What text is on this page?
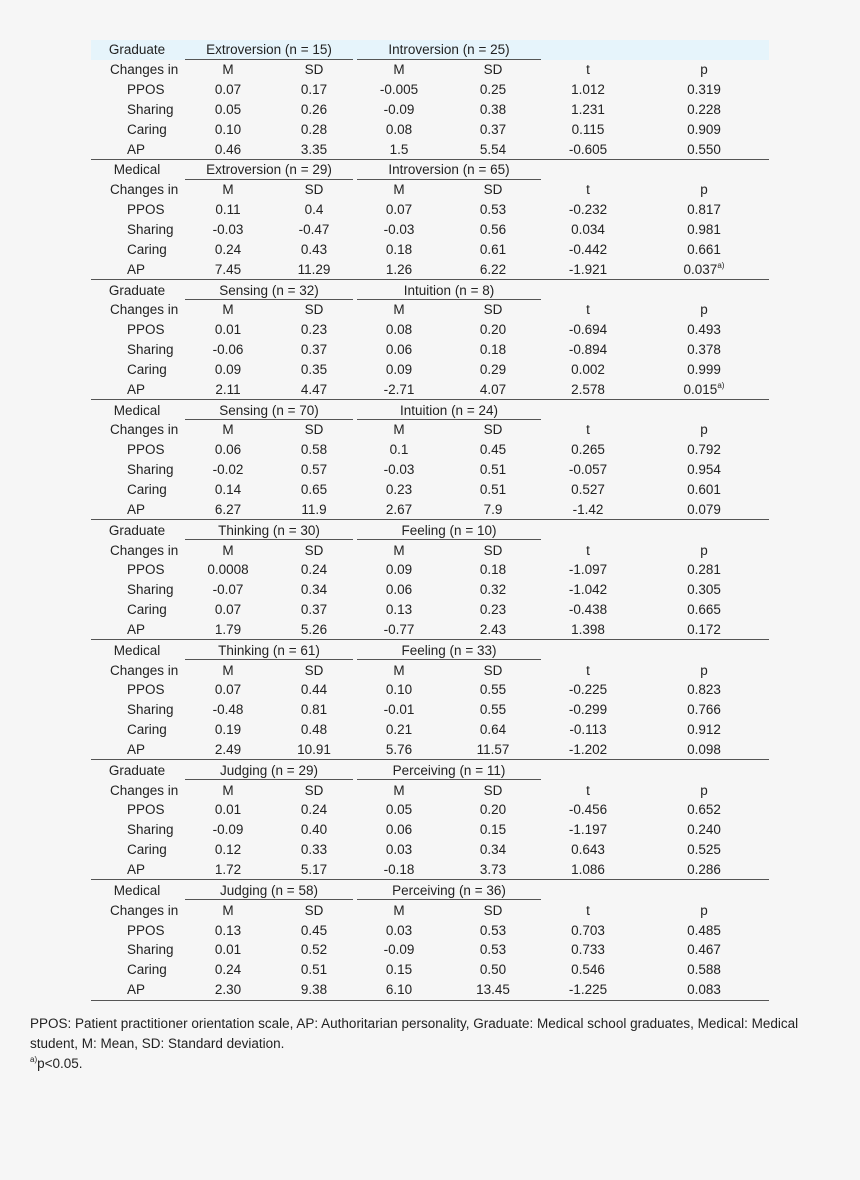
Graduate	Extroversion (n = 15)		Introversion (n = 25)		

Changes in	M	SD	M	SD	t	p
PPOS	0.07	0.17	-0.005	0.25	1.012	0.319
Sharing	0.05	0.26	-0.09	0.38	1.231	0.228
Caring	0.10	0.28	0.08	0.37	0.115	0.909
AP	0.46	3.35	1.5	5.54	-0.605	0.550
Medical	Extroversion (n = 29)		Introversion (n = 65)		

Changes in	M	SD	M	SD	t	p
PPOS	0.11	0.4	0.07	0.53	-0.232	0.817
Sharing	-0.03	-0.47	-0.03	0.56	0.034	0.981
Caring	0.24	0.43	0.18	0.61	-0.442	0.661
AP	7.45	11.29	1.26	6.22	-1.921	0.037$^{a)}$
Graduate	Sensing (n = 32)		Intuition (n = 8)		

Changes in	M	SD	M	SD	t	p
PPOS	0.01	0.23	0.08	0.20	-0.694	0.493
Sharing	-0.06	0.37	0.06	0.18	-0.894	0.378
Caring	0.09	0.35	0.09	0.29	0.002	0.999
AP	2.11	4.47	-2.71	4.07	2.578	0.015$^{a)}$
Medical	Sensing (n = 70)		Intuition (n = 24)		

Changes in	M	SD	M	SD	t	p
PPOS	0.06	0.58	0.1	0.45	0.265	0.792
Sharing	-0.02	0.57	-0.03	0.51	-0.057	0.954
Caring	0.14	0.65	0.23	0.51	0.527	0.601
AP	6.27	11.9	2.67	7.9	-1.42	0.079
Graduate	Thinking (n = 30)		Feeling (n = 10)		

Changes in	M	SD	M	SD	t	p
PPOS	0.0008	0.24	0.09	0.18	-1.097	0.281
Sharing	-0.07	0.34	0.06	0.32	-1.042	0.305
Caring	0.07	0.37	0.13	0.23	-0.438	0.665
AP	1.79	5.26	-0.77	2.43	1.398	0.172
Medical	Thinking (n = 61)		Feeling (n = 33)		

Changes in	M	SD	M	SD	t	p
PPOS	0.07	0.44	0.10	0.55	-0.225	0.823
Sharing	-0.48	0.81	-0.01	0.55	-0.299	0.766
Caring	0.19	0.48	0.21	0.64	-0.113	0.912
AP	2.49	10.91	5.76	11.57	-1.202	0.098
Graduate	Judging (n = 29)		Perceiving (n = 11)		

Changes in	M	SD	M	SD	t	p
PPOS	0.01	0.24	0.05	0.20	-0.456	0.652
Sharing	-0.09	0.40	0.06	0.15	-1.197	0.240
Caring	0.12	0.33	0.03	0.34	0.643	0.525
AP	1.72	5.17	-0.18	3.73	1.086	0.286
Medical	Judging (n = 58)		Perceiving (n = 36)		

Changes in	M	SD	M	SD	t	p
PPOS	0.13	0.45	0.03	0.53	0.703	0.485
Sharing	0.01	0.52	-0.09	0.53	0.733	0.467
Caring	0.24	0.51	0.15	0.50	0.546	0.588
AP	2.30	9.38	6.10	13.45	-1.225	0.083

PPOS: Patient practitioner orientation scale, AP: Authoritarian personality, Graduate: Medical school graduates, Medical: Medical student, M: Mean, SD: Standard deviation.

$^{a)}$p<0.05.
